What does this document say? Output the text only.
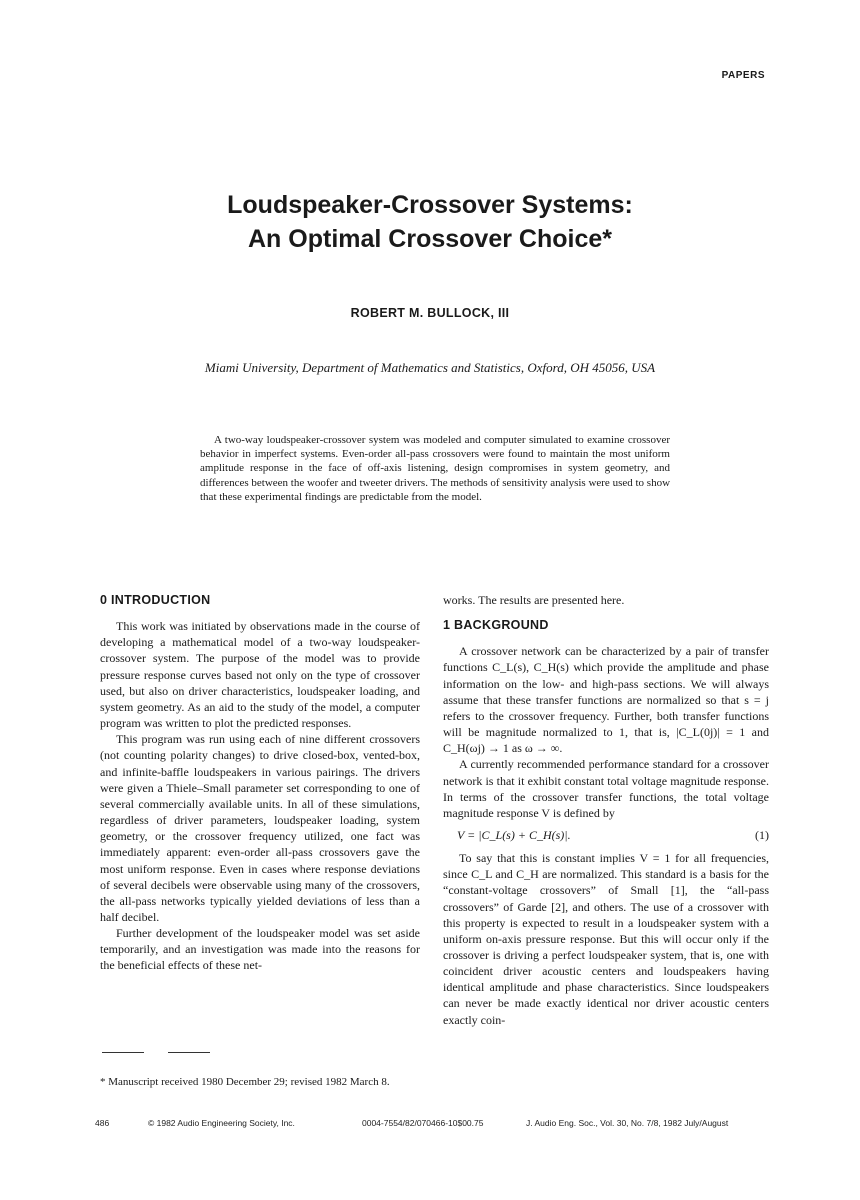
PAPERS
Loudspeaker-Crossover Systems:
An Optimal Crossover Choice*
ROBERT M. BULLOCK, III
Miami University, Department of Mathematics and Statistics, Oxford, OH 45056, USA
A two-way loudspeaker-crossover system was modeled and computer simulated to examine crossover behavior in imperfect systems. Even-order all-pass crossovers were found to maintain the most uniform amplitude response in the face of off-axis listening, design compromises in system geometry, and differences between the woofer and tweeter drivers. The methods of sensitivity analysis were used to show that these experimental findings are predictable from the model.
0 INTRODUCTION

This work was initiated by observations made in the course of developing a mathematical model of a two-way loudspeaker-crossover system. The purpose of the model was to provide pressure response curves based not only on the type of crossover used, but also on driver characteristics, loudspeaker loading, and system geometry. As an aid to the study of the model, a computer program was written to plot the predicted responses.

This program was run using each of nine different crossovers (not counting polarity changes) to drive closed-box, vented-box, and infinite-baffle loudspeakers in various pairings. The drivers were given a Thiele–Small parameter set corresponding to one of several commercially available units. In all of these simulations, regardless of driver parameters, loudspeaker loading, system geometry, or the crossover frequency utilized, one fact was immediately apparent: even-order all-pass crossovers gave the most uniform response. Even in cases where response deviations of several decibels were observable using many of the crossovers, the all-pass networks typically yielded deviations of less than a half decibel.

Further development of the loudspeaker model was set aside temporarily, and an investigation was made into the reasons for the beneficial effects of these net-

works. The results are presented here.

1 BACKGROUND

A crossover network can be characterized by a pair of transfer functions C_L(s), C_H(s) which provide the amplitude and phase information on the low- and high-pass sections. We will always assume that these transfer functions are normalized so that s = j refers to the crossover frequency. Further, both transfer functions will be magnitude normalized to 1, that is, |C_L(0j)| = 1 and C_H(ωj) → 1 as ω → ∞.

A currently recommended performance standard for a crossover network is that it exhibit constant total voltage magnitude response. In terms of the crossover transfer functions, the total voltage magnitude response V is defined by

V = |C_L(s) + C_H(s)|.	(1)

To say that this is constant implies V = 1 for all frequencies, since C_L and C_H are normalized. This standard is a basis for the “constant-voltage crossovers” of Small [1], the “all-pass crossovers” of Garde [2], and others. The use of a crossover with this property is expected to result in a loudspeaker system with a uniform on-axis pressure response. But this will occur only if the crossover is driving a perfect loudspeaker system, that is, one with coincident driver acoustic centers and loudspeakers having identical amplitude and phase characteristics. Since loudspeakers can never be made exactly identical nor driver acoustic centers exactly coin-

* Manuscript received 1980 December 29; revised 1982 March 8.
486	© 1982 Audio Engineering Society, Inc.	0004-7554/82/070466-10$00.75	J. Audio Eng. Soc., Vol. 30, No. 7/8, 1982 July/August
